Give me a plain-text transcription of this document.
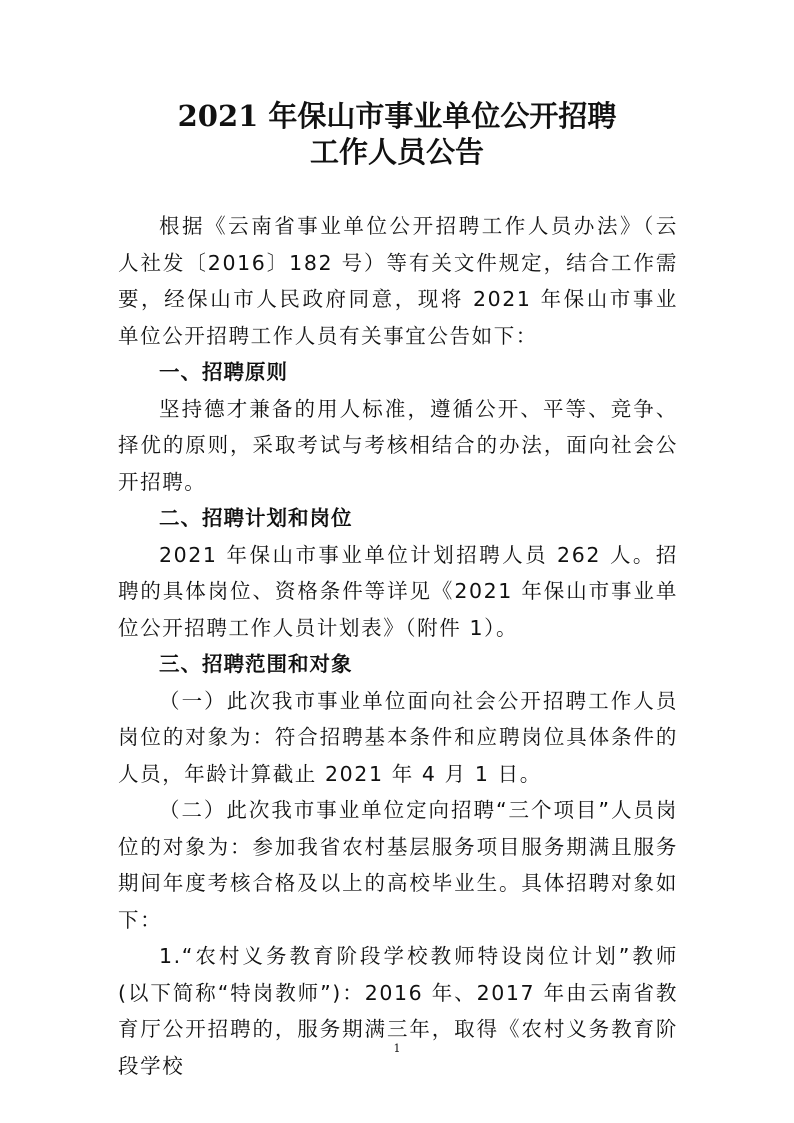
2021 年保山市事业单位公开招聘
工作人员公告

根据《云南省事业单位公开招聘工作人员办法》（云人社发〔2016〕182 号）等有关文件规定，结合工作需要，经保山市人民政府同意，现将 2021 年保山市事业单位公开招聘工作人员有关事宜公告如下：

一、招聘原则

坚持德才兼备的用人标准，遵循公开、平等、竞争、择优的原则，采取考试与考核相结合的办法，面向社会公开招聘。

二、招聘计划和岗位

2021 年保山市事业单位计划招聘人员 262 人。招聘的具体岗位、资格条件等详见《2021 年保山市事业单位公开招聘工作人员计划表》（附件 1）。

三、招聘范围和对象

（一）此次我市事业单位面向社会公开招聘工作人员岗位的对象为：符合招聘基本条件和应聘岗位具体条件的人员，年龄计算截止 2021 年 4 月 1 日。

（二）此次我市事业单位定向招聘“三个项目”人员岗位的对象为：参加我省农村基层服务项目服务期满且服务期间年度考核合格及以上的高校毕业生。具体招聘对象如下：

1.“农村义务教育阶段学校教师特设岗位计划”教师(以下简称“特岗教师”)：2016 年、2017 年由云南省教育厅公开招聘的，服务期满三年，取得《农村义务教育阶段学校

1
